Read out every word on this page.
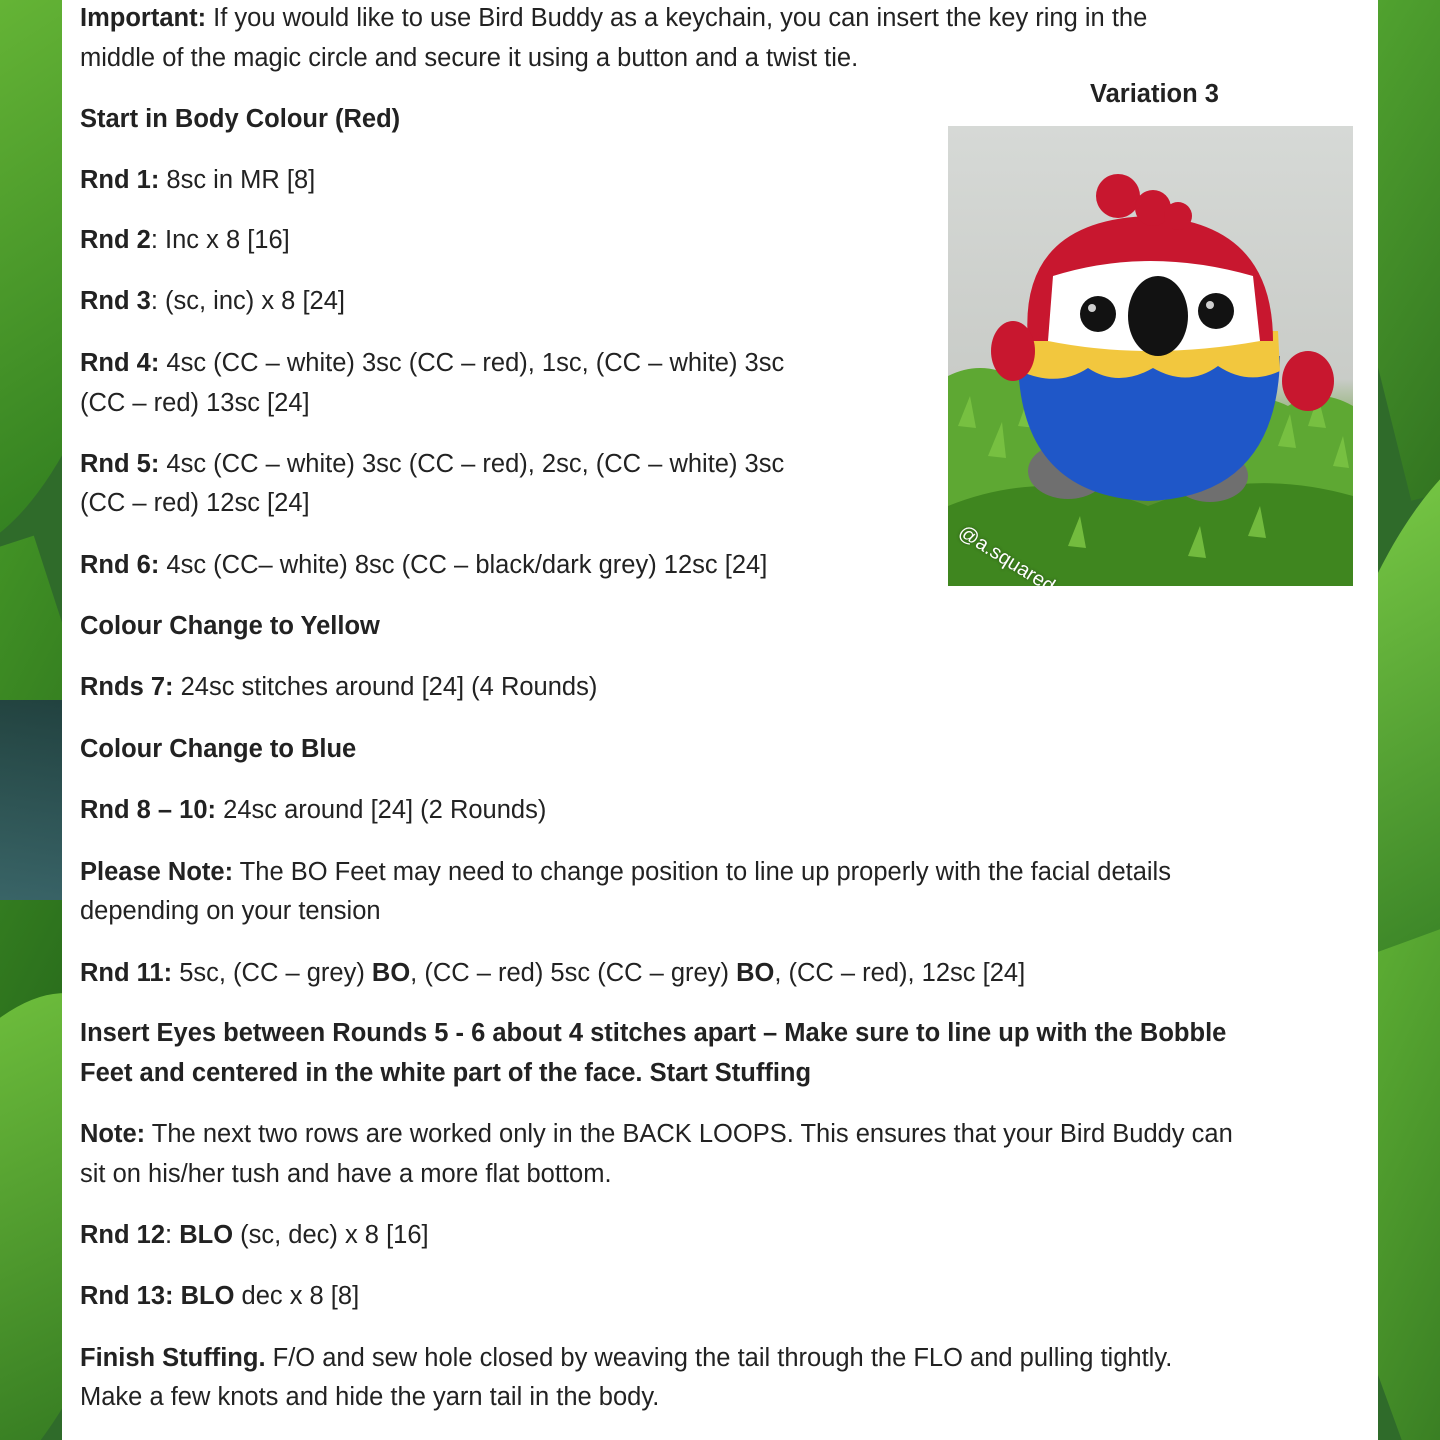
Important: If you would like to use Bird Buddy as a keychain, you can insert the key ring in the
middle of the magic circle and secure it using a button and a twist tie.
Variation 3
Start in Body Colour (Red)
Rnd 1: 8sc in MR [8]
Rnd 2: Inc x 8 [16]
Rnd 3: (sc, inc) x 8 [24]
Rnd 4: 4sc (CC – white) 3sc (CC – red), 1sc, (CC – white) 3sc
(CC – red) 13sc [24]
Rnd 5: 4sc (CC – white) 3sc (CC – red), 2sc, (CC – white) 3sc
(CC – red) 12sc [24]
Rnd 6: 4sc (CC– white) 8sc (CC – black/dark grey) 12sc [24]
Colour Change to Yellow
Rnds 7: 24sc stitches around [24] (4 Rounds)
Colour Change to Blue
Rnd 8 – 10: 24sc around [24] (2 Rounds)
Please Note: The BO Feet may need to change position to line up properly with the facial details
depending on your tension
Rnd 11: 5sc, (CC – grey) BO, (CC – red) 5sc (CC – grey) BO, (CC – red), 12sc [24]
Insert Eyes between Rounds 5 - 6 about 4 stitches apart – Make sure to line up with the Bobble
Feet and centered in the white part of the face. Start Stuffing
Note: The next two rows are worked only in the BACK LOOPS. This ensures that your Bird Buddy can
sit on his/her tush and have a more flat bottom.
Rnd 12: BLO (sc, dec) x 8 [16]
Rnd 13: BLO dec x 8 [8]
Finish Stuffing. F/O and sew hole closed by weaving the tail through the FLO and pulling tightly.
Make a few knots and hide the yarn tail in the body.
